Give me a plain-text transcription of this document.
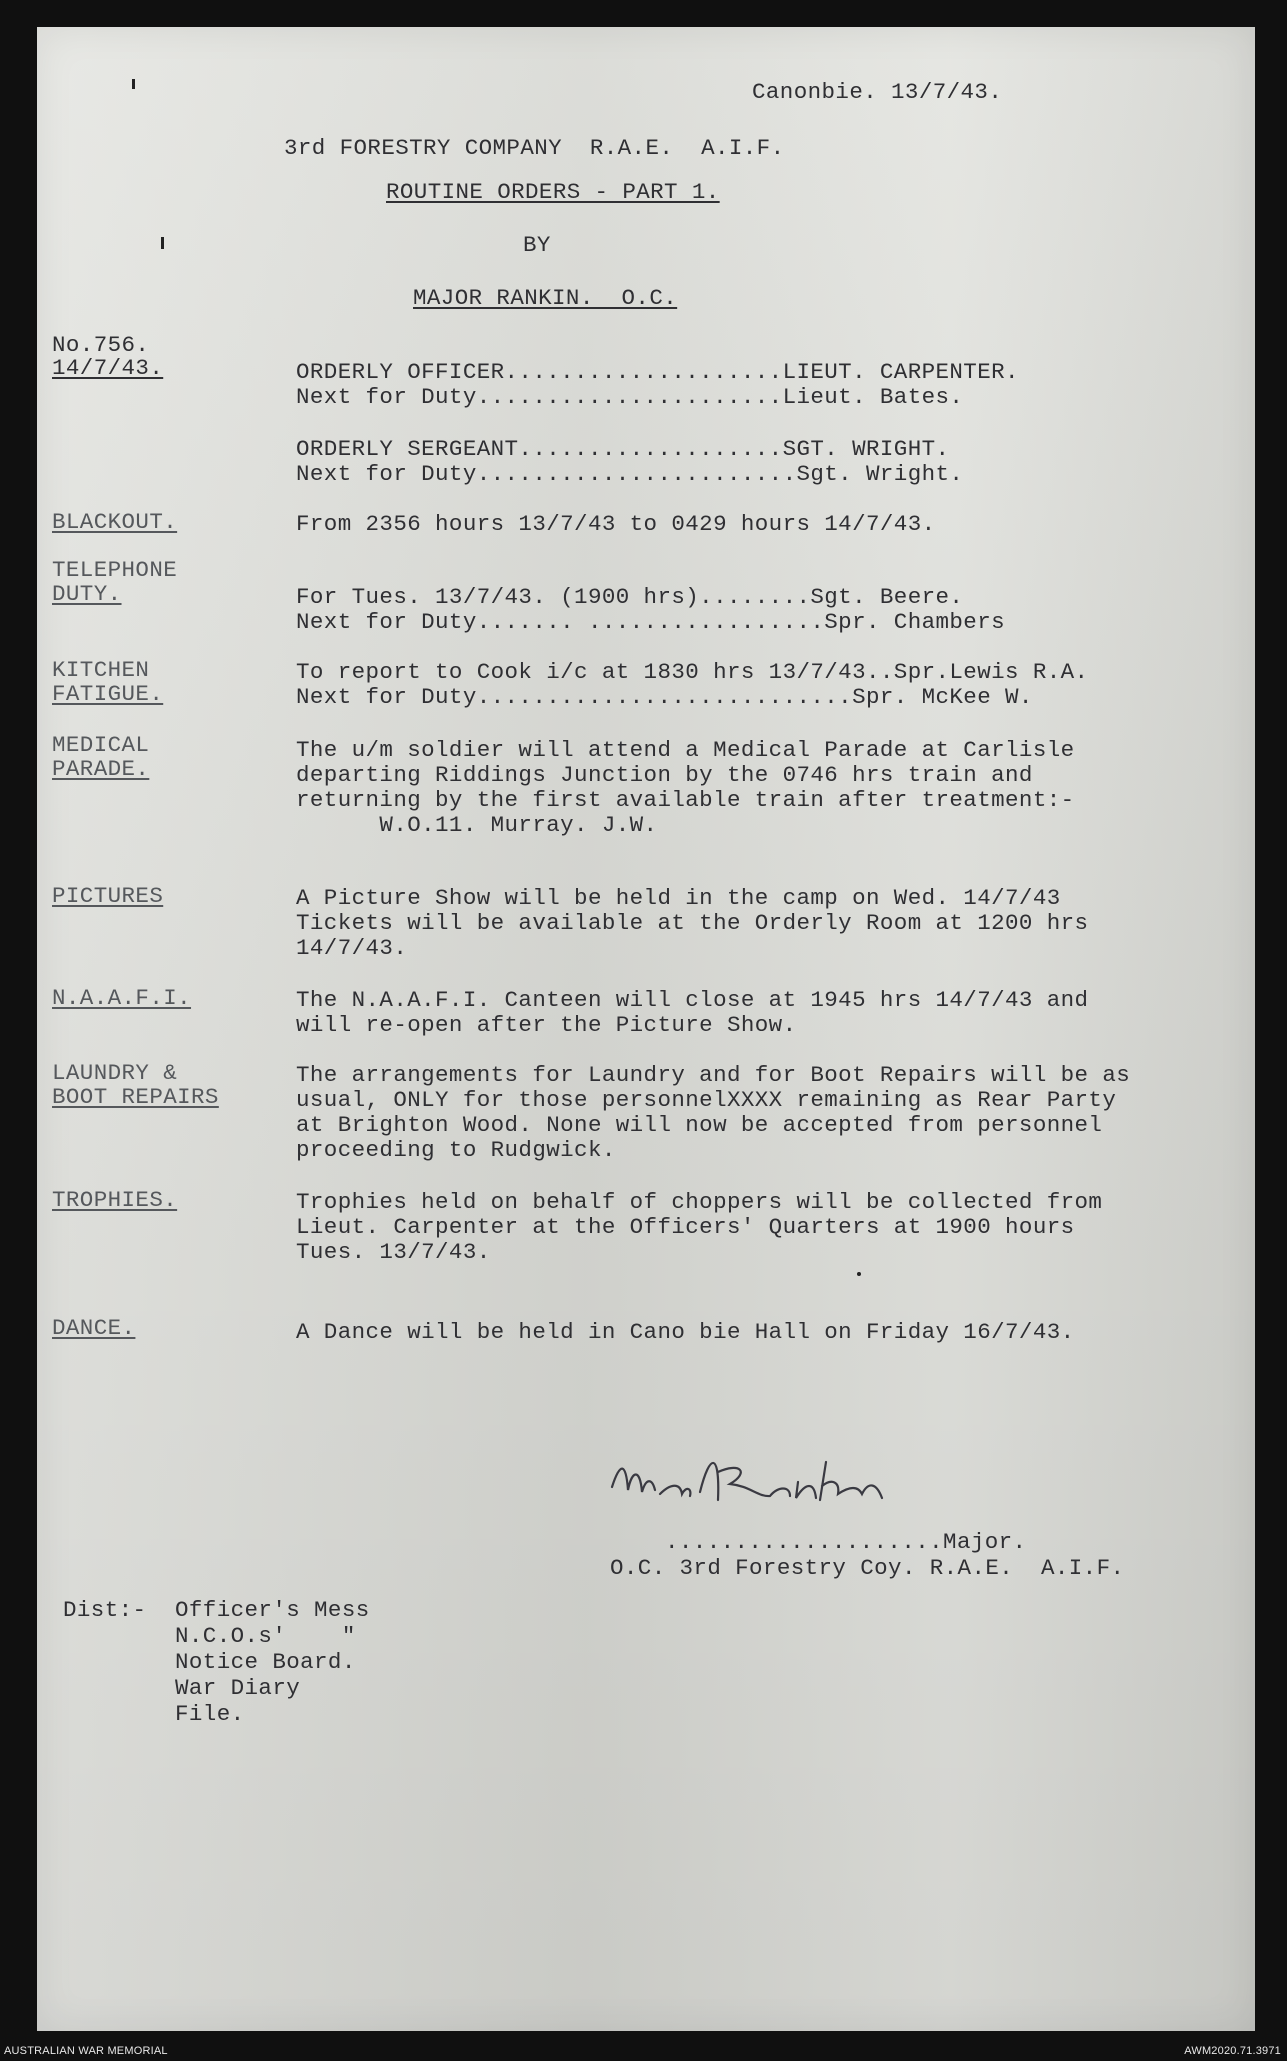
Canonbie. 13/7/43.
3rd FORESTRY COMPANY  R.A.E.  A.I.F.
ROUTINE ORDERS - PART 1.
BY
MAJOR RANKIN.  O.C.
No.756.
14/7/43.	ORDERLY OFFICER....................LIEUT. CARPENTER.
Next for Duty......................Lieut. Bates.
ORDERLY SERGEANT...................SGT. WRIGHT.
Next for Duty.......................Sgt. Wright.
BLACKOUT.	From 2356 hours 13/7/43 to 0429 hours 14/7/43.
TELEPHONE
DUTY.	For Tues. 13/7/43. (1900 hrs)........Sgt. Beere.
Next for Duty....... .................Spr. Chambers
KITCHEN
FATIGUE.
To report to Cook i/c at 1830 hrs 13/7/43..Spr.Lewis R.A.
Next for Duty...........................Spr. McKee W.
MEDICAL
PARADE.
The u/m soldier will attend a Medical Parade at Carlisle
departing Riddings Junction by the 0746 hrs train and
returning by the first available train after treatment:-
W.O.11. Murray. J.W.
PICTURES	A Picture Show will be held in the camp on Wed. 14/7/43
Tickets will be available at the Orderly Room at 1200 hrs
14/7/43.
N.A.A.F.I.	The N.A.A.F.I. Canteen will close at 1945 hrs 14/7/43 and
will re-open after the Picture Show.
LAUNDRY &
BOOT REPAIRS
The arrangements for Laundry and for Boot Repairs will be as
usual, ONLY for those personnelXXXX remaining as Rear Party
at Brighton Wood. None will now be accepted from personnel
proceeding to Rudgwick.
TROPHIES.	Trophies held on behalf of choppers will be collected from
Lieut. Carpenter at the Officers' Quarters at 1900 hours
Tues. 13/7/43.
DANCE.	A Dance will be held in Cano bie Hall on Friday 16/7/43.
....................Major.
O.C. 3rd Forestry Coy. R.A.E.  A.I.F.
Dist:- Officer's Mess
N.C.O.s'    "
Notice Board.
War Diary
File.
AUSTRALIAN WAR MEMORIAL	AWM2020.71.3971
